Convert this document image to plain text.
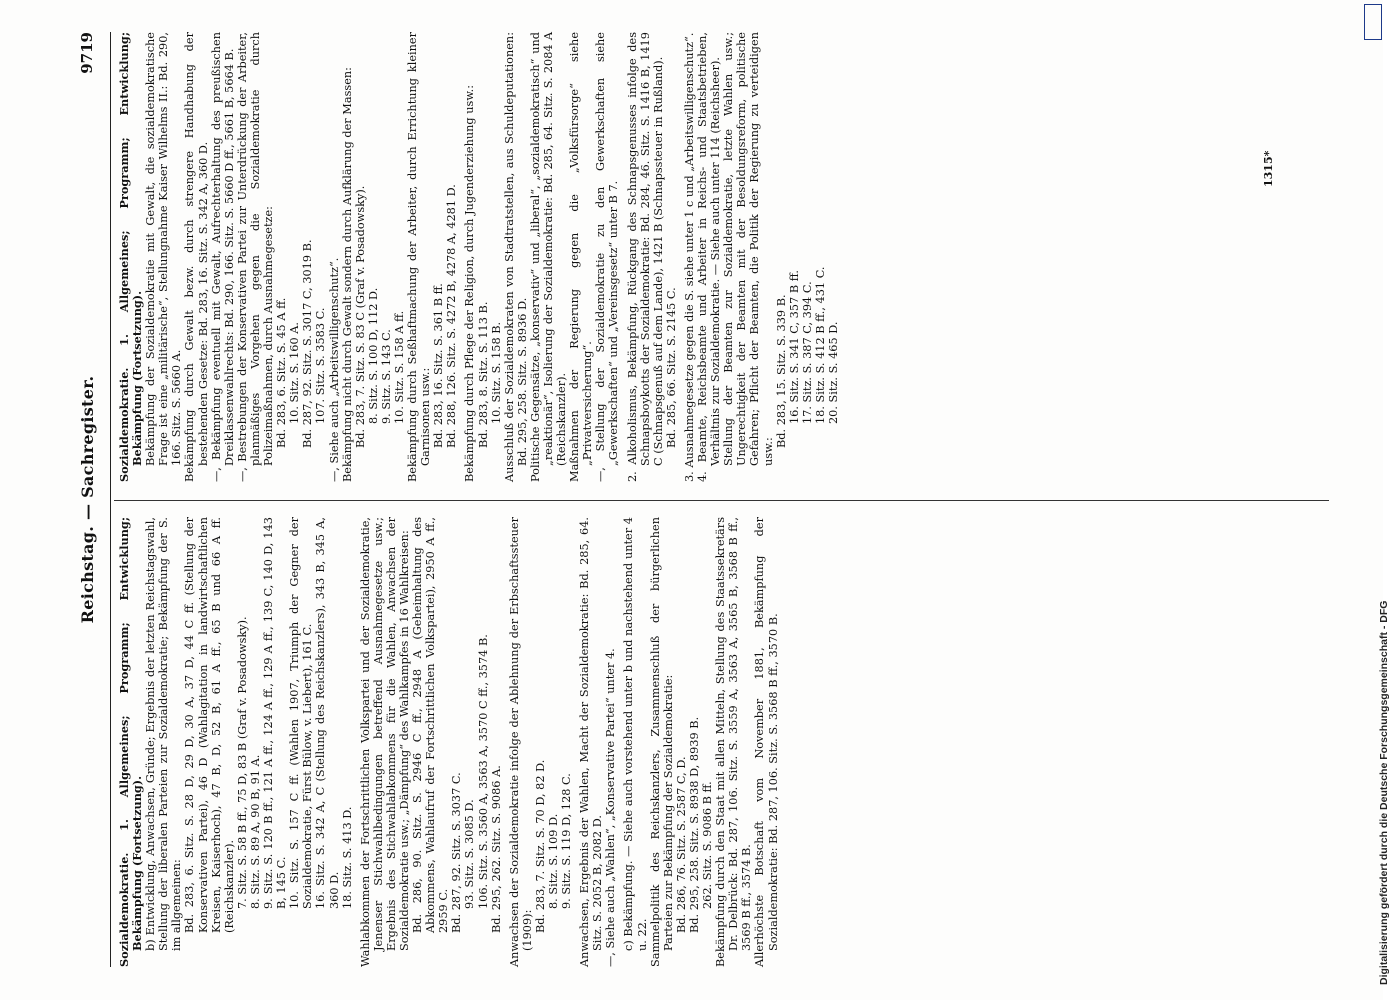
Reichstag. — Sachregister.
9719
Sozialdemokratie. 1. Allgemeines; Programm; Entwicklung; Bekämpfung (Fortsetzung). b) Entwicklung, Anwachsen, Gründe; Ergebnis der letzten Reichstagswahl, Stellung der liberalen Parteien zur Sozialdemokratie; Bekämpfung der S. im allgemeinen: Bd. 283, 6. Sitz. S. 28 D, 29 D, 30 A, 37 D, 44 C ff. (Stellung der Konservativen Partei), 46 D (Wahlagitation in landwirtschaftlichen Kreisen, Kaiserhoch), 47 B, D, 52 B, 61 A ff., 65 B und 66 A ff. (Reichskanzler). 7. Sitz. S. 58 B ff., 75 D, 83 B (Graf v. Posadowsky). 8. Sitz. S. 89 A, 90 B, 91 A. 9. Sitz. S. 120 B ff., 121 A ff., 124 A ff., 129 A ff., 139 C, 140 D, 143 B, 145 C. 10. Sitz. S. 157 C ff. (Wahlen 1907, Triumph der Gegner der Sozialdemokratie, Fürst Bülow, v. Liebert), 161 C. 16. Sitz. S. 342 A, C (Stellung des Reichskanzlers), 343 B, 345 A, 360 D. 18. Sitz. S. 413 D. Wahlabkommen der Fortschrittlichen Volkspartei und der Sozialdemokratie, Jenenser Stichwahlbedingungen betreffend Ausnahmegesetze usw.; Ergebnis des Stichwahlabkommens für die Wahlen, Anwachsen der Sozialdemokratie usw.; „Dämpfung“ des Wahlkampfes in 16 Wahlkreisen: Bd. 286, 90. Sitz. S. 2946 C ff., 2948 A (Geheimhaltung des Abkommens, Wahlaufruf der Fortschrittlichen Volkspartei), 2950 A ff., 2959 C. Bd. 287, 92. Sitz. S. 3037 C. 93. Sitz. S. 3085 D. 106. Sitz. S. 3560 A, 3563 A, 3570 C ff., 3574 B. Bd. 295, 262. Sitz. S. 9086 A. Anwachsen der Sozialdemokratie infolge der Ablehnung der Erbschaftssteuer (1909): Bd. 283, 7. Sitz. S. 70 D, 82 D. 8. Sitz. S. 109 D. 9. Sitz. S. 119 D, 128 C. Anwachsen, Ergebnis der Wahlen, Macht der Sozialdemokratie: Bd. 285, 64. Sitz. S. 2052 B, 2082 D. —, Siehe auch „Wahlen“, „Konservative Partei“ unter 4. c) Bekämpfung. — Siehe auch vorstehend unter b und nachstehend unter 4 u. 22. Sammelpolitik des Reichskanzlers, Zusammenschluß der bürgerlichen Parteien zur Bekämpfung der Sozialdemokratie: Bd. 286, 76. Sitz. S. 2587 C, D. Bd. 295, 258. Sitz. S. 8938 D, 8939 B. 262. Sitz. S. 9086 B ff. Bekämpfung durch den Staat mit allen Mitteln, Stellung des Staatssekretärs Dr. Delbrück: Bd. 287, 106. Sitz. S. 3559 A, 3563 A, 3565 B, 3568 B ff., 3569 B ff., 3574 B. Allerhöchste Botschaft vom November 1881, Bekämpfung der Sozialdemokratie: Bd. 287, 106. Sitz. S. 3568 B ff., 3570 B.
Sozialdemokratie. 1. Allgemeines; Programm; Entwicklung; Bekämpfung (Fortsetzung). Bekämpfung der Sozialdemokratie mit Gewalt, die sozialdemokratische Frage ist eine „militärische“, Stellungnahme Kaiser Wilhelms II.: Bd. 290, 166. Sitz. S. 5660 A. Bekämpfung durch Gewalt bezw. durch strengere Handhabung der bestehenden Gesetze: Bd. 283, 16. Sitz. S. 342 A, 360 D. —, Bekämpfung eventuell mit Gewalt, Aufrechterhaltung des preußischen Dreiklassenwahlrechts: Bd. 290, 166. Sitz. S. 5660 D ff., 5661 B, 5664 B. —, Bestrebungen der Konservativen Partei zur Unterdrückung der Arbeiter, planmäßiges Vorgehen gegen die Sozialdemokratie durch Polizeimaßnahmen, durch Ausnahmegesetze: Bd. 283, 6. Sitz. S. 45 A ff. 10. Sitz. S. 160 A. Bd. 287, 92. Sitz. S. 3017 C, 3019 B. 107. Sitz. S. 3583 C. —, Siehe auch „Arbeitswilligenschutz“. Bekämpfung nicht durch Gewalt sondern durch Aufklärung der Massen: Bd. 283, 7. Sitz. S. 83 C (Graf v. Posadowsky). 8. Sitz. S. 100 D, 112 D. 9. Sitz. S. 143 C. 10. Sitz. S. 158 A ff. Bekämpfung durch Seßhaftmachung der Arbeiter, durch Errichtung kleiner Garnisonen usw.: Bd. 283, 16. Sitz. S. 361 B ff. Bd. 288, 126. Sitz. S. 4272 B, 4278 A, 4281 D. Bekämpfung durch Pflege der Religion, durch Jugenderziehung usw.: Bd. 283, 8. Sitz. S. 113 B. 10. Sitz. S. 158 B. Ausschluß der Sozialdemokraten von Stadtratstellen, aus Schuldeputationen: Bd. 295, 258. Sitz. S. 8936 D. Politische Gegensätze, „konservativ“ und „liberal“, „sozialdemokratisch“ und „reaktionär“, Isolierung der Sozialdemokratie: Bd. 285, 64. Sitz. S. 2084 A (Reichskanzler). Maßnahmen der Regierung gegen die „Volksfürsorge“ siehe „Privatversicherung“. —, Stellung der Sozialdemokratie zu den Gewerkschaften siehe „Gewerkschaften“ und „Vereinsgesetz“ unter B 7. 2. Alkoholismus, Bekämpfung, Rückgang des Schnapsgenusses infolge des Schnapsboykotts der Sozialdemokratie: Bd. 284, 46. Sitz. S. 1416 B, 1419 C (Schnapsgenuß auf dem Lande), 1421 B (Schnapssteuer in Rußland). Bd. 285, 66. Sitz. S. 2145 C. 3. Ausnahmegesetze gegen die S. siehe unter 1 c und „Arbeitswilligenschutz“. 4. Beamte, Reichsbeamte und Arbeiter in Reichs- und Staatsbetrieben, Verhältnis zur Sozialdemokratie. — Siehe auch unter 114 (Reichsheer). Stellung der Beamten zur Sozialdemokratie, letzte Wahlen usw.; Ungerechtigkeit der Beamten mit der Besoldungsreform, politische Gefahren; Pflicht der Beamten, die Politik der Regierung zu verteidigen usw.:
Bd. 283, 15. Sitz. S. 339 B. 16. Sitz. S. 341 C, 357 B ff. 17. Sitz. S. 387 C, 394 C. 18. Sitz. S. 412 B ff., 431 C. 20. Sitz. S. 465 D.
1315*
Digitalisierung gefördert durch die Deutsche Forschungsgemeinschaft - DFG
